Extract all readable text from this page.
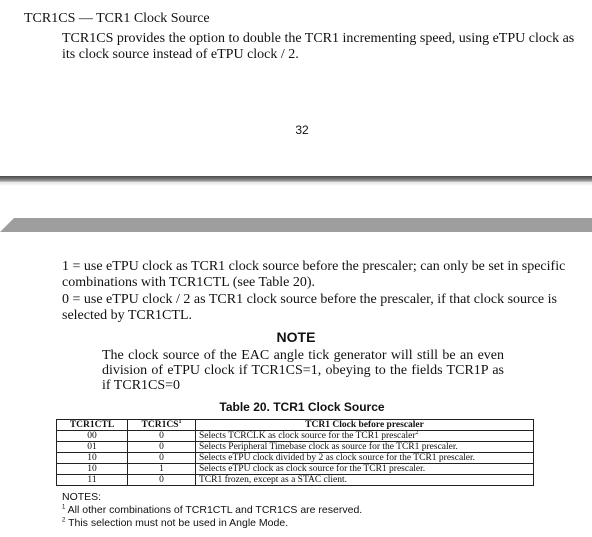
TCR1CS — TCR1 Clock Source
TCR1CS provides the option to double the TCR1 incrementing speed, using eTPU clock as its clock source instead of eTPU clock / 2.
32
1 = use eTPU clock as TCR1 clock source before the prescaler; can only be set in specific combinations with TCR1CTL (see Table 20).
0 = use eTPU clock / 2 as TCR1 clock source before the prescaler, if that clock source is selected by TCR1CTL.
NOTE
The clock source of the EAC angle tick generator will still be an even division of eTPU clock if TCR1CS=1, obeying to the fields TCR1P as if TCR1CS=0
Table 20. TCR1 Clock Source
TCR1CTL	$TCR1CS^1$	TCR1 Clock before prescaler
00	0	Selects TCRCLK as clock source for the TCR1 prescaler$^2$
01	0	Selects Peripheral Timebase clock as source for the TCR1 prescaler.
10	0	Selects eTPU clock divided by 2 as clock source for the TCR1 prescaler.
10	1	Selects eTPU clock as clock source for the TCR1 prescaler.
11	0	TCR1 frozen, except as a STAC client.
NOTES:
$^1$ All other combinations of TCR1CTL and TCR1CS are reserved.
$^2$ This selection must not be used in Angle Mode.
